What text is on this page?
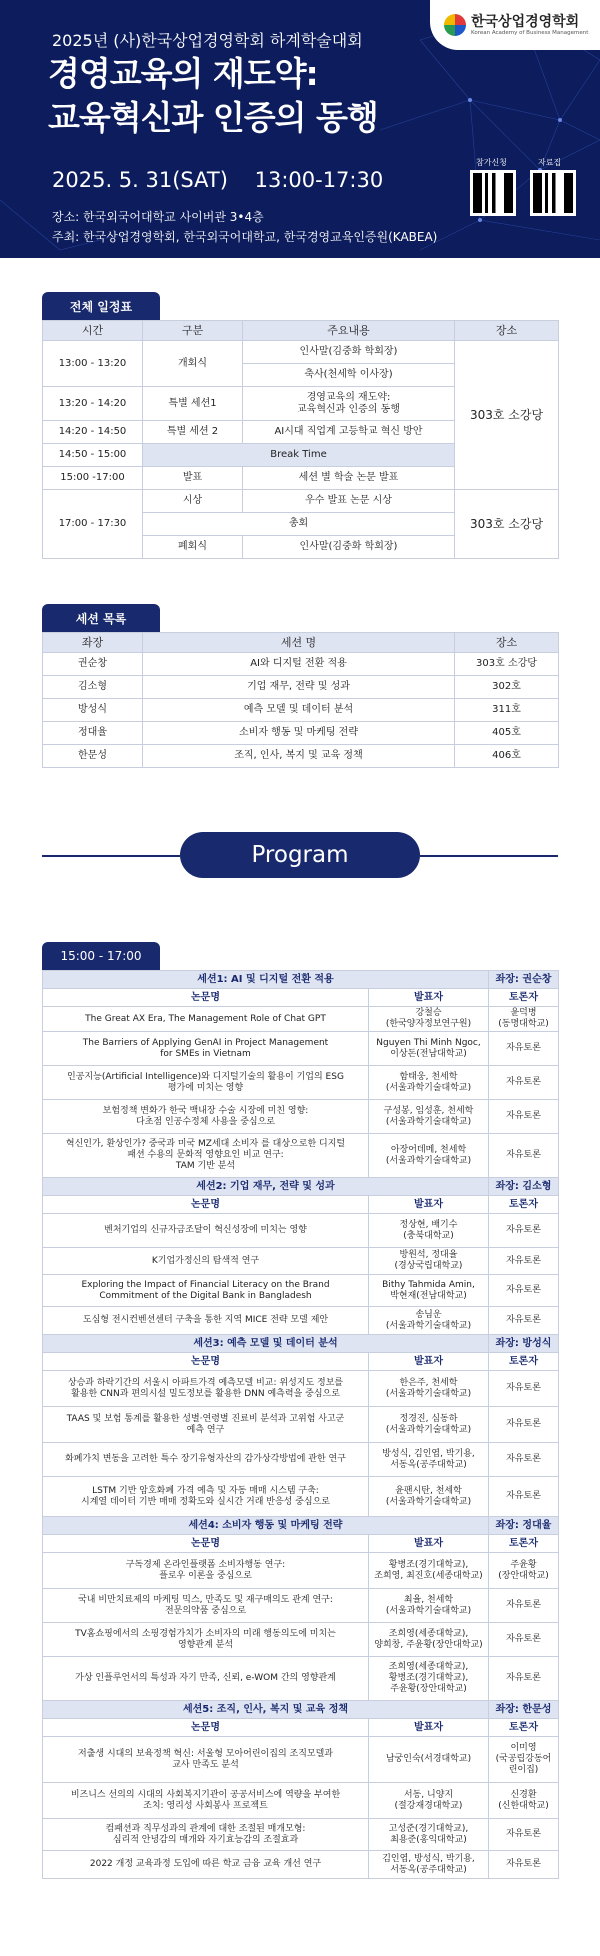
한국상업경영학회
Korean Academy of Business Management
2025년 (사)한국상업경영학회 하계학술대회
경영교육의 재도약:
교육혁신과 인증의 동행
2025. 5. 31(SAT)    13:00-17:30
장소: 한국외국어대학교 사이버관 3•4층
주최: 한국상업경영학회, 한국외국어대학교, 한국경영교육인증원(KABEA)
참가신청	자료집
전체 일정표
시간	구분	주요내용	장소
13:00 - 13:20	개회식	인사말(김중화 학회장)	303호 소강당
		축사(천세학 이사장)	
13:20 - 14:20	특별 세션1	경영교육의 재도약:
교육혁신과 인증의 동행	
14:20 - 14:50	특별 세션 2	AI시대 직업계 고등학교 혁신 방안	
14:50 - 15:00	Break Time		
15:00 -17:00	발표	세션 별 학술 논문 발표	
17:00 - 17:30	시상	우수 발표 논문 시상	303호 소강당
	총회		
	폐회식	인사말(김중화 학회장)	
세션 목록
좌장	세션 명	장소
권순창	AI와 디지털 전환 적용	303호 소강당
김소형	기업 재무, 전략 및 성과	302호
방성식	예측 모델 및 데이터 분석	311호
정대율	소비자 행동 및 마케팅 전략	405호
한문성	조직, 인사, 복지 및 교육 정책	406호
Program
15:00 - 17:00
세션1: AI 및 디지털 전환 적용		좌장: 권순창
논문명	발표자	토론자
The Great AX Era, The Management Role of Chat GPT	강철승
(한국양자정보연구원)	윤덕병
(동명대학교)
The Barriers of Applying GenAI in Project Management
for SMEs in Vietnam	Nguyen Thi Minh Ngoc,
이상돈(전남대학교)	자유토론
인공지능(Artificial Intelligence)와 디지털기술의 활용이 기업의 ESG
평가에 미치는 영향	함태웅, 천세학
(서울과학기술대학교)	자유토론
보험정책 변화가 한국 백내장 수술 시장에 미친 영향:
다초점 인공수정체 사용을 중심으로	구성봉, 임성훈, 천세학
(서울과학기술대학교)	자유토론
혁신인가, 환상인가? 중국과 미국 MZ세대 소비자 를 대상으로한 디지털
패션 수용의 문화적 영향요인 비교 연구:
TAM 기반 분석	아장어데메, 천세학
(서울과학기술대학교)	자유토론
세션2: 기업 재무, 전략 및 성과		좌장: 김소형
논문명	발표자	토론자
벤처기업의 신규자금조달이 혁신성장에 미치는 영향	정상현, 배기수
(충북대학교)	자유토론
K기업가정신의 탐색적 연구	방원석, 정대율
(경상국립대학교)	자유토론
Exploring the Impact of Financial Literacy on the Brand
Commitment of the Digital Bank in Bangladesh	Bithy Tahmida Amin,
박현재(전남대학교)	자유토론
도심형 전시컨벤션센터 구축을 통한 지역 MICE 전략 모델 제안	송님운
(서울과학기술대학교)	자유토론
세션3: 예측 모델 및 데이터 분석		좌장: 방성식
논문명	발표자	토론자
상승과 하락기간의 서울시 아파트가격 예측모델 비교: 위성지도 정보를
활용한 CNN과 편의시설 밀도정보를 활용한 DNN 예측력을 중심으로	한은주, 천세학
(서울과학기술대학교)	자유토론
TAAS 및 보험 통계를 활용한 성별·연령별 진료비 분석과 고위험 사고군
예측 연구	정경진, 심동하
(서울과학기술대학교)	자유토론
화폐가치 변동을 고려한 특수 장기유형자산의 감가상각방법에 관한 연구	방성식, 김인엽, 박기용,
서동옥(공주대학교)	자유토론
LSTM 기반 암호화폐 가격 예측 및 자동 매매 시스템 구축:
시계열 데이터 기반 매매 정확도와 실시간 거래 반응성 중심으로	윤팬시탄, 천세학
(서울과학기술대학교)	자유토론
세션4: 소비자 행동 및 마케팅 전략		좌장: 정대율
논문명	발표자	토론자
구독경제 온라인플랫폼 소비자행동 연구:
플로우 이론을 중심으로	황병조(경기대학교),
조희영, 최진호(세종대학교)	주윤황
(장안대학교)
국내 비만치료제의 마케팅 믹스, 만족도 및 재구매의도 관계 연구:
전문의약품 중심으로	최율, 천세학
(서울과학기술대학교)	자유토론
TV홈쇼핑에서의 소핑경험가치가 소비자의 미래 행동의도에 미치는
영향관계 분석	조희영(세종대학교),
양희창, 주윤황(장안대학교)	자유토론
가상 인플루언서의 특성과 자기 만족, 신뢰, e-WOM 간의 영향관계	조희영(세종대학교),
황병조(경기대학교),
주윤황(장안대학교)	자유토론
세션5: 조직, 인사, 복지 및 교육 정책		좌장: 한문성
논문명	발표자	토론자
저출생 시대의 보육정책 혁신: 서울형 모아어린이집의 조직모델과
교사 만족도 분석	남궁인숙(서경대학교)	이미영
(국공립강동어
린이집)
비즈니스 선의의 시대의 사회복지기관이 공공서비스에 역량을 부여한
조치: 영리성 사회봉사 프로젝트	서동, 니양지
(절강재경대학교)	신경환
(신한대학교)
컴패션과 직무성과의 관계에 대한 조절된 매개모형:
심리적 안녕감의 매개와 자기효능감의 조절효과	고성준(경기대학교),
최용준(홍익대학교)	자유토론
2022 개정 교육과정 도입에 따른 학교 금융 교육 개선 연구	김인엽, 방성식, 박기용,
서동옥(공주대학교)	자유토론
